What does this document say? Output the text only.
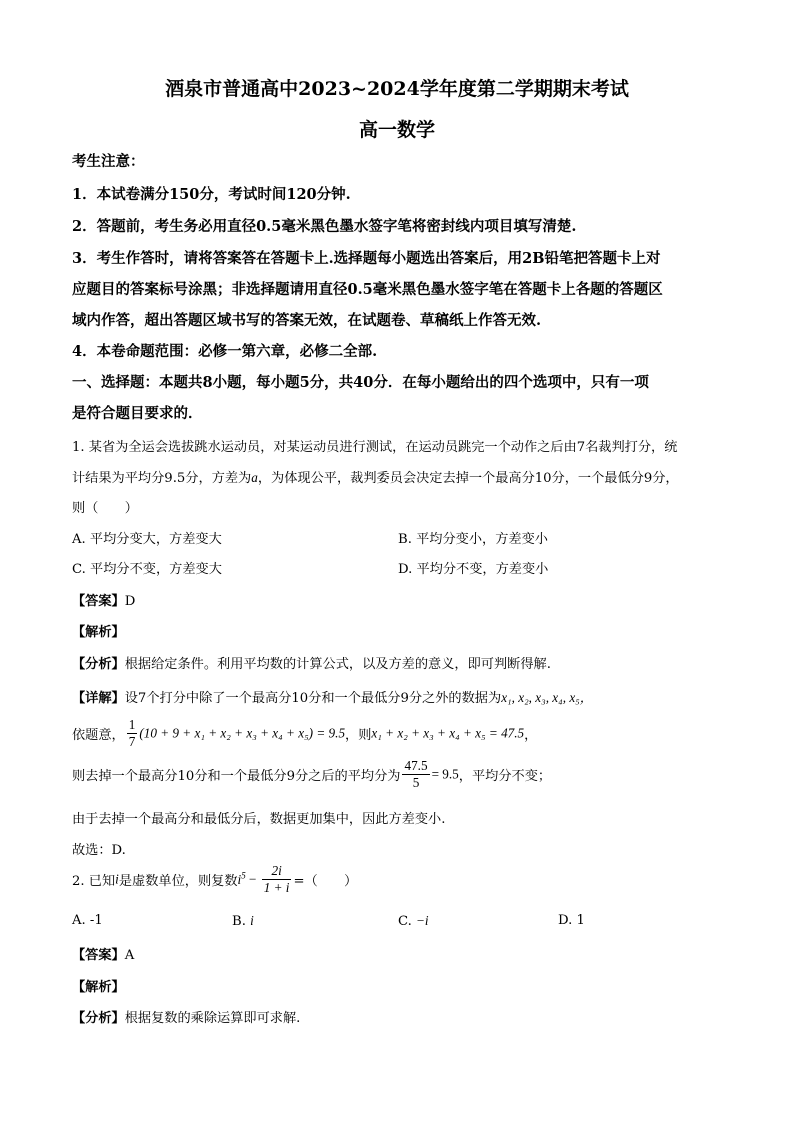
酒泉市普通高中2023~2024学年度第二学期期末考试
高一数学
考生注意：
1．本试卷满分150分，考试时间120分钟.
2．答题前，考生务必用直径0.5毫米黑色墨水签字笔将密封线内项目填写清楚.
3．考生作答时，请将答案答在答题卡上.选择题每小题选出答案后，用2B铅笔把答题卡上对
应题目的答案标号涂黑；非选择题请用直径0.5毫米黑色墨水签字笔在答题卡上各题的答题区
域内作答，超出答题区域书写的答案无效，在试题卷、草稿纸上作答无效.
4．本卷命题范围：必修一第六章，必修二全部.
一、选择题：本题共8小题，每小题5分，共40分．在每小题给出的四个选项中，只有一项
是符合题目要求的．
1. 某省为全运会选拔跳水运动员，对某运动员进行测试，在运动员跳完一个动作之后由7名裁判打分，统
计结果为平均分9.5分，方差为a，为体现公平，裁判委员会决定去掉一个最高分10分，一个最低分9分，
则（　　）
A. 平均分变大，方差变大	B. 平均分变小，方差变小
C. 平均分不变，方差变大	D. 平均分不变，方差变小
【答案】D
【解析】
【分析】根据给定条件。利用平均数的计算公式，以及方差的意义，即可判断得解.
【详解】设7个打分中除了一个最高分10分和一个最低分9分之外的数据为x₁, x₂, x₃, x₄, x₅，
依题意， $\frac{1}{7} (10 + 9 + x_1 + x_2 + x_3 + x_4 + x_5) = 9.5$，则x₁ + x₂ + x₃ + x₄ + x₅ = 47.5，
则去掉一个最高分10分和一个最低分9分之后的平均分为 $\frac{47.5}{5} = 9.5$，平均分不变；
由于去掉一个最高分和最低分后，数据更加集中，因此方差变小.
故选：D.
2. 已知i是虚数单位，则复数$i^5 - \frac{2i}{1 + i}$ =（　　）
A. -1	B. i	C. −i	D. 1
【答案】A
【解析】
【分析】根据复数的乘除运算即可求解.
